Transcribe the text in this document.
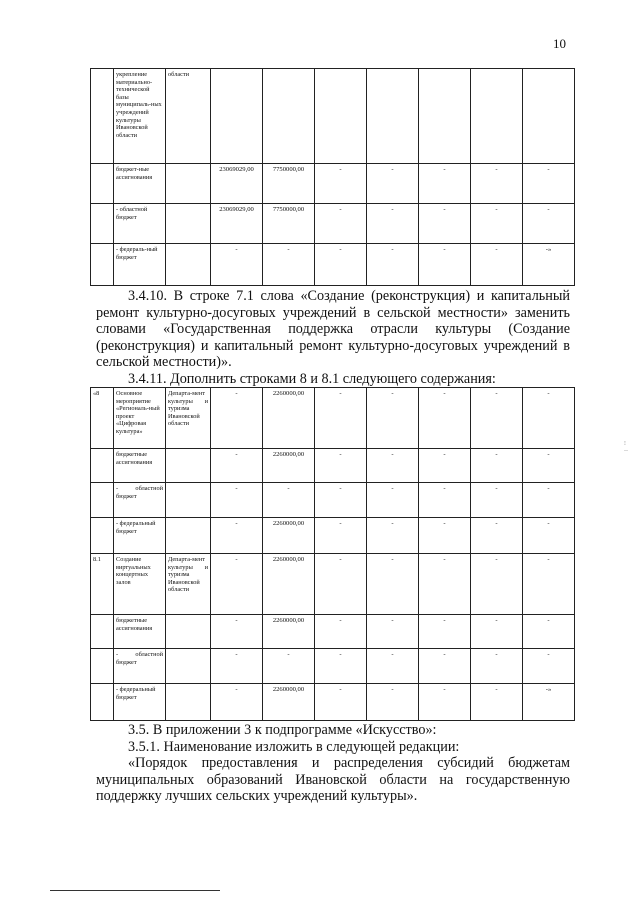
10
	укрепление материально-технической базы муниципаль-ных учреждений культуры Ивановской области	области							
	бюджет-ные ассигнования		23069029,00	7750000,00	-	-	-	-	-
	- областной бюджет		23069029,00	7750000,00	-	-	-	-	-
	- федераль-ный бюджет		-	-	-	-	-	-	-»

3.4.10. В строке 7.1 слова «Создание (реконструкция) и капитальный ремонт культурно-досуговых учреждений в сельской местности» заменить словами «Государственная поддержка отрасли культуры (Создание (реконструкция) и капитальный ремонт культурно-досуговых учреждений в сельской местности)».

3.4.11. Дополнить строками 8 и 8.1 следующего содержания:

«8	Основное мероприятие «Региональ-ный проект «Цифровая культура»	Департа-мент культуры и туризма Ивановской области	-	2260000,00	-	-	-	-	-
	бюджетные ассигнования		-	2260000,00	-	-	-	-	-
	- областной бюджет		-	-	-	-	-	-	-
	- федеральный бюджет		-	2260000,00	-	-	-	-	-
8.1	Создание виртуальных концертных залов	Департа-мент культуры и туризма Ивановской области	-	2260000,00	-	-	-	-	-
	бюджетные ассигнования		-	2260000,00	-	-	-	-	-
	- областной бюджет		-	-	-	-	-	-	-
	- федеральный бюджет		-	2260000,00	-	-	-	-	-»

3.5. В приложении 3 к подпрограмме «Искусство»:

3.5.1. Наименование изложить в следующей редакции:

«Порядок предоставления и распределения субсидий бюджетам муниципальных образований Ивановской области на государственную поддержку лучших сельских учреждений культуры».

⁝
‥
